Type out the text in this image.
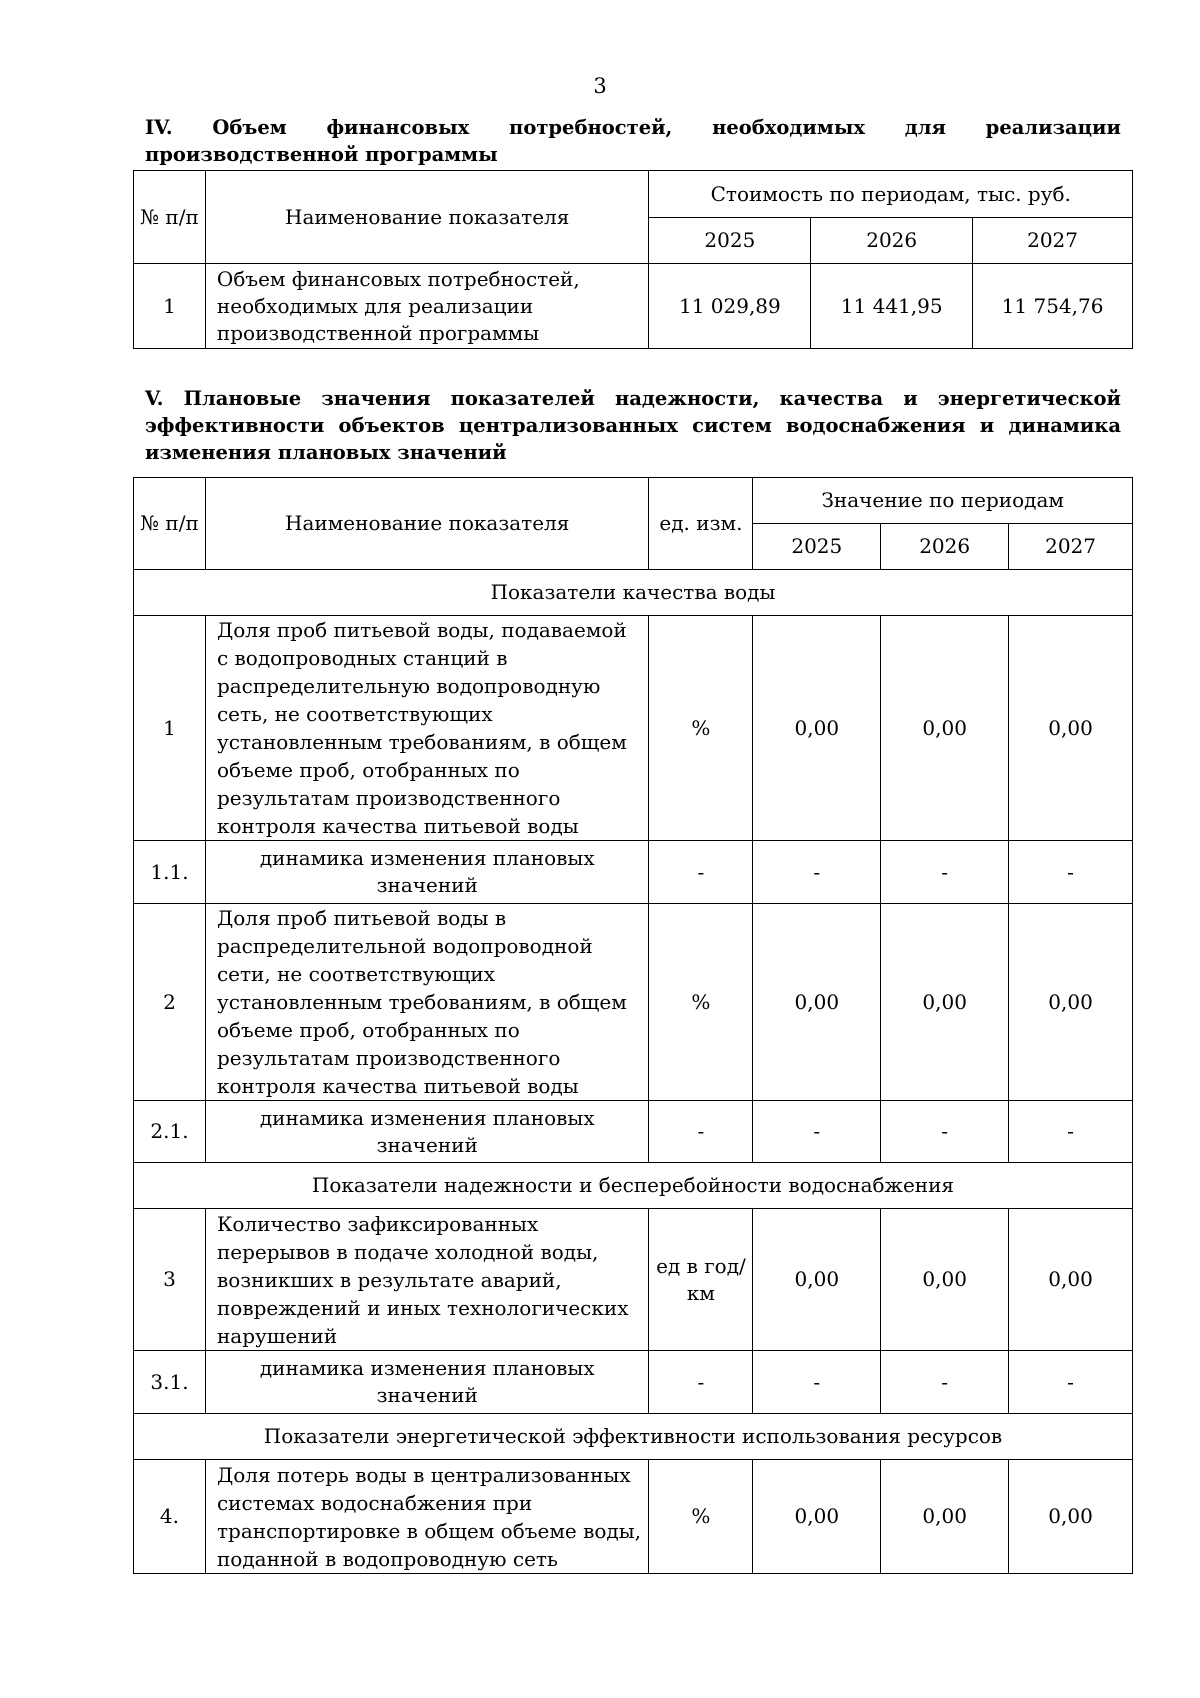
3
IV. Объем финансовых потребностей, необходимых для реализации производственной программы
№ п/п	Наименование показателя	Стоимость по периодам, тыс. руб.		
		2025	2026	2027
1	Объем финансовых потребностей, необходимых для реализации производственной программы	11 029,89	11 441,95	11 754,76
V. Плановые значения показателей надежности, качества и энергетической эффективности объектов централизованных систем водоснабжения и динамика изменения плановых значений
№ п/п	Наименование показателя	ед. изм.	Значение по периодам		
			2025	2026	2027
Показатели качества воды					
1	Доля проб питьевой воды, подаваемой с водопроводных станций в распределительную водопроводную сеть, не соответствующих установленным требованиям, в общем объеме проб, отобранных по результатам производственного контроля качества питьевой воды	%	0,00	0,00	0,00
1.1.	динамика изменения плановых значений	-	-	-	-
2	Доля проб питьевой воды в распределительной водопроводной сети, не соответствующих установленным требованиям, в общем объеме проб, отобранных по результатам производственного контроля качества питьевой воды	%	0,00	0,00	0,00
2.1.	динамика изменения плановых значений	-	-	-	-
Показатели надежности и бесперебойности водоснабжения					
3	Количество зафиксированных перерывов в подаче холодной воды, возникших в результате аварий, повреждений и иных технологических нарушений	ед в год/ км	0,00	0,00	0,00
3.1.	динамика изменения плановых значений	-	-	-	-
Показатели энергетической эффективности использования ресурсов					
4.	Доля потерь воды в централизованных системах водоснабжения при транспортировке в общем объеме воды, поданной в водопроводную сеть	%	0,00	0,00	0,00
